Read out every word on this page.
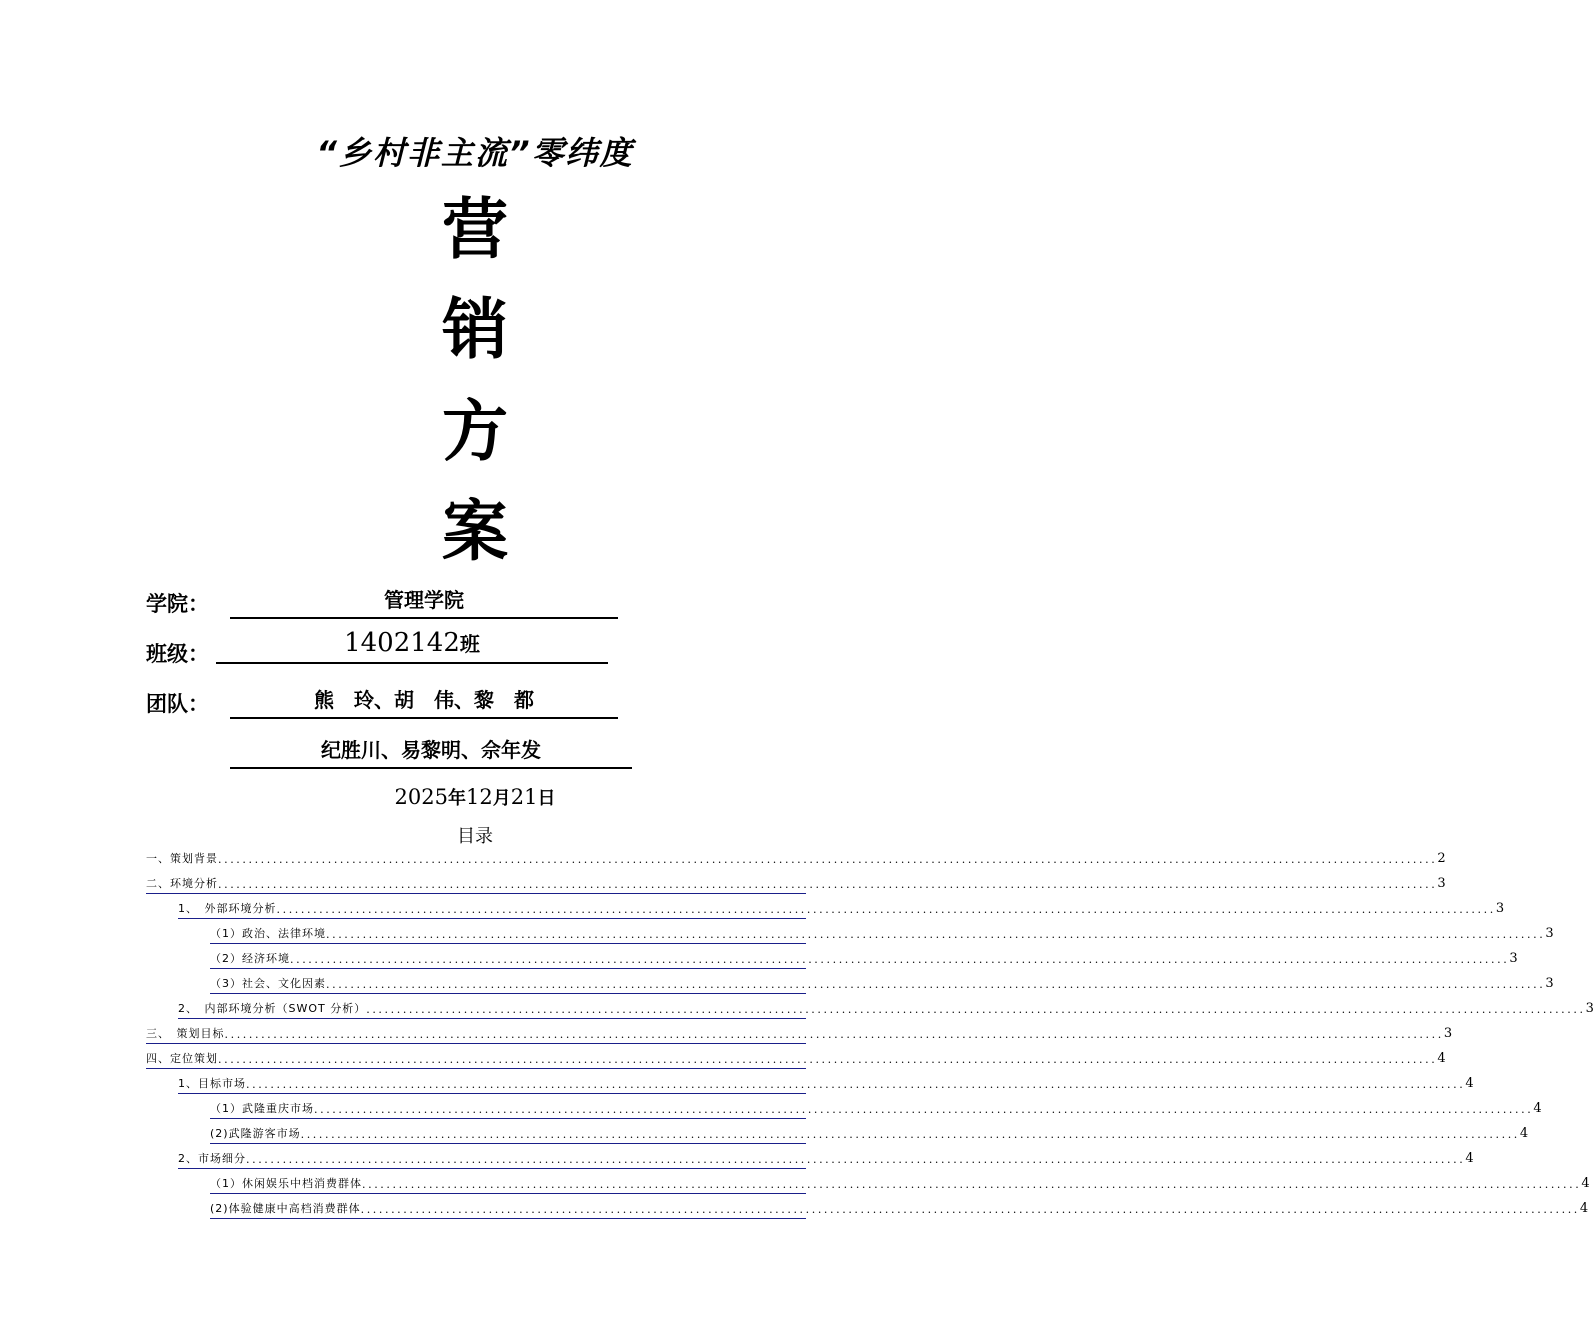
“乡村非主流”零纬度
营
销
方
案
学院：	管理学院
班级：	1402142班
团队：	熊　玲、胡　伟、黎　都
纪胜川、易黎明、佘年发
2025年12月21日
目录
一、策划背景 ........................................................................................................................................................................................................ 2
二、环境分析 ........................................................................................................................................................................................................ 3
1、　外部环境分析 ........................................................................................................................................................................................................ 3
（1）政治、法律环境 ........................................................................................................................................................................................................ 3
（2）经济环境 ........................................................................................................................................................................................................ 3
（3）社会、文化因素 ........................................................................................................................................................................................................ 3
2、　内部环境分析（SWOT 分析） ........................................................................................................................................................................................................ 3
三、　策划目标 ........................................................................................................................................................................................................ 3
四、定位策划 ........................................................................................................................................................................................................ 4
1、目标市场 ........................................................................................................................................................................................................ 4
（1）武隆重庆市场 ........................................................................................................................................................................................................ 4
(2)武隆游客市场 ........................................................................................................................................................................................................ 4
2、市场细分 ........................................................................................................................................................................................................ 4
（1）休闲娱乐中档消费群体 ........................................................................................................................................................................................................ 4
(2)体验健康中高档消费群体 ........................................................................................................................................................................................................ 4
